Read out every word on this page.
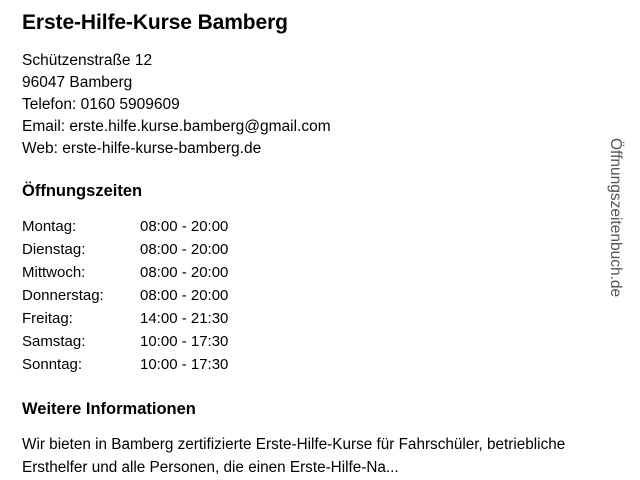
Erste-Hilfe-Kurse Bamberg
Schützenstraße 12
96047 Bamberg
Telefon: 0160 5909609
Email: erste.hilfe.kurse.bamberg@gmail.com
Web: erste-hilfe-kurse-bamberg.de
Öffnungszeiten
Montag:	08:00 - 20:00
Dienstag:	08:00 - 20:00
Mittwoch:	08:00 - 20:00
Donnerstag:	08:00 - 20:00
Freitag:	14:00 - 21:30
Samstag:	10:00 - 17:30
Sonntag:	10:00 - 17:30
Weitere Informationen
Wir bieten in Bamberg zertifizierte Erste-Hilfe-Kurse für Fahrschüler, betriebliche Ersthelfer und alle Personen, die einen Erste-Hilfe-Na...
Öffnungszeitenbuch.de
